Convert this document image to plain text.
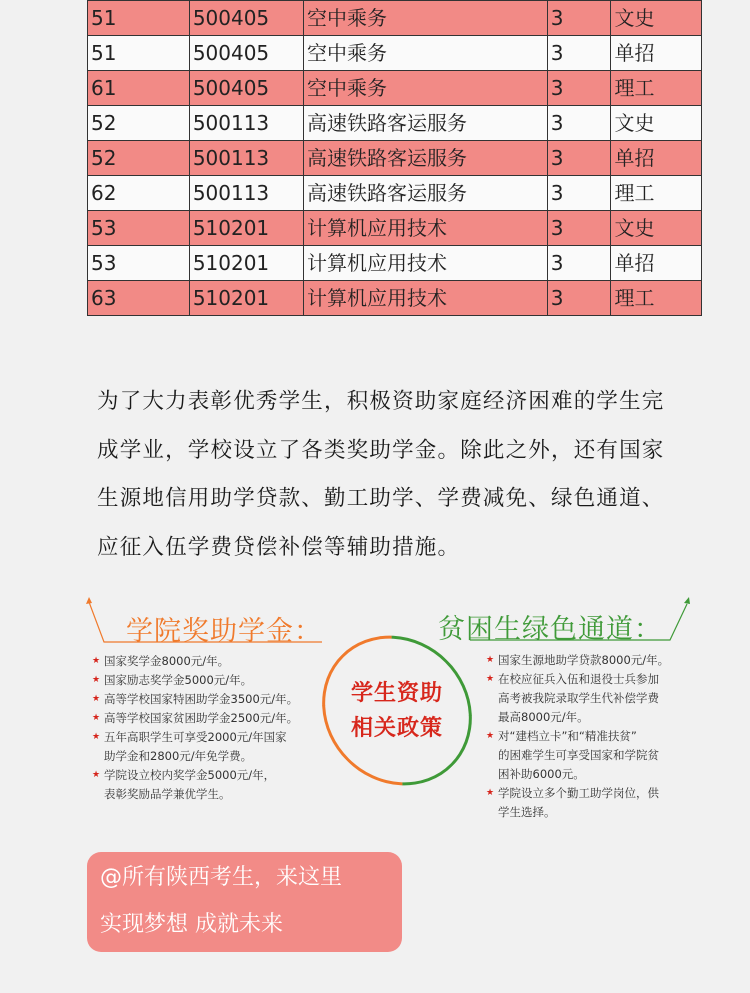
51	500405	空中乘务	3	文史
51	500405	空中乘务	3	单招
61	500405	空中乘务	3	理工
52	500113	高速铁路客运服务	3	文史
52	500113	高速铁路客运服务	3	单招
62	500113	高速铁路客运服务	3	理工
53	510201	计算机应用技术	3	文史
53	510201	计算机应用技术	3	单招
63	510201	计算机应用技术	3	理工

为了大力表彰优秀学生，积极资助家庭经济困难的学生完
成学业，学校设立了各类奖助学金。除此之外，还有国家
生源地信用助学贷款、勤工助学、学费减免、绿色通道、
应征入伍学费贷偿补偿等辅助措施。

学院奖助学金：	贫困生绿色通道：
★ 国家奖学金8000元/年。
★ 国家励志奖学金5000元/年。
★ 高等学校国家特困助学金3500元/年。
★ 高等学校国家贫困助学金2500元/年。
★ 五年高职学生可享受2000元/年国家
助学金和2800元/年免学费。
★ 学院设立校内奖学金5000元/年，
表彰奖励品学兼优学生。
学生资助
相关政策
★ 国家生源地助学贷款8000元/年。
★ 在校应征兵入伍和退役士兵参加
高考被我院录取学生代补偿学费
最高8000元/年。
★ 对“建档立卡”和“精准扶贫”
的困难学生可享受国家和学院贫
困补助6000元。
★ 学院设立多个勤工助学岗位，供
学生选择。
@所有陕西考生，来这里
实现梦想 成就未来
